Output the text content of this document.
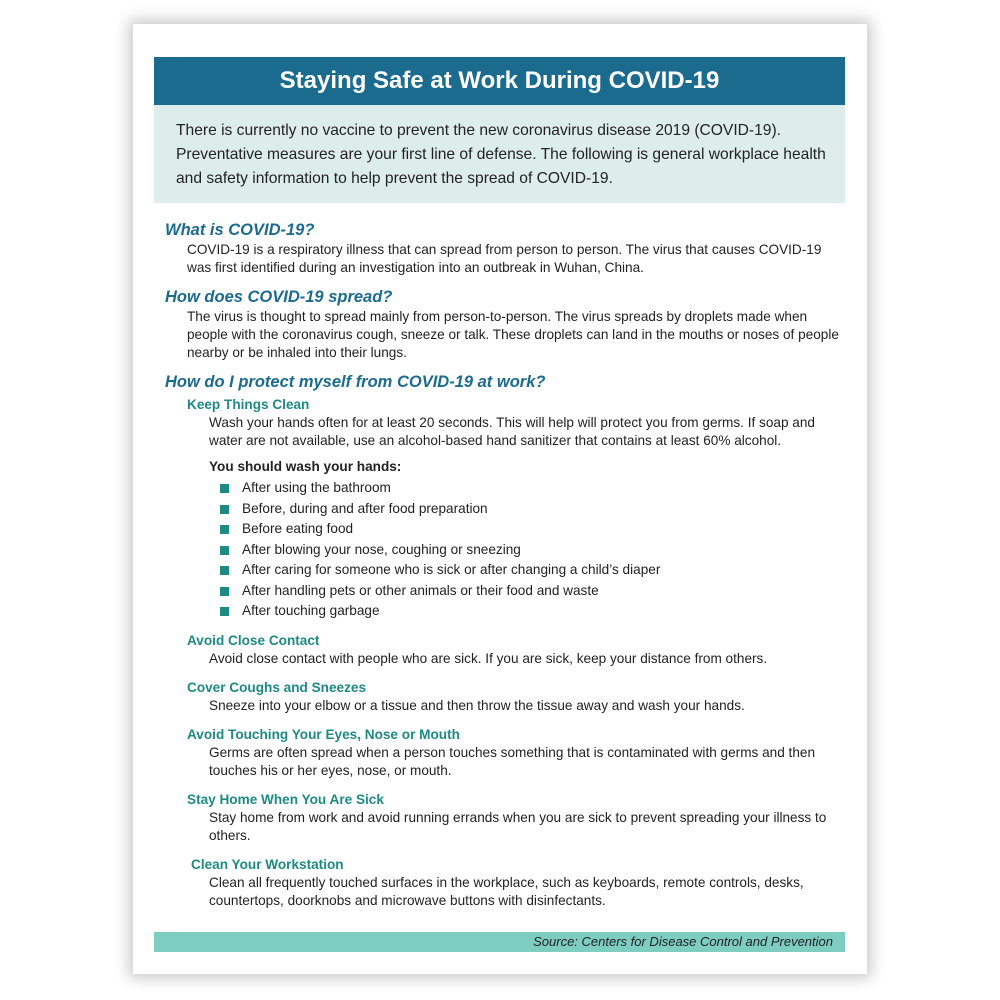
Staying Safe at Work During COVID-19
There is currently no vaccine to prevent the new coronavirus disease 2019 (COVID-19). Preventative measures are your first line of defense. The following is general workplace health and safety information to help prevent the spread of COVID-19.
What is COVID-19?
COVID-19 is a respiratory illness that can spread from person to person. The virus that causes COVID-19 was first identified during an investigation into an outbreak in Wuhan, China.
How does COVID-19 spread?
The virus is thought to spread mainly from person-to-person. The virus spreads by droplets made when people with the coronavirus cough, sneeze or talk. These droplets can land in the mouths or noses of people nearby or be inhaled into their lungs.
How do I protect myself from COVID-19 at work?
Keep Things Clean
Wash your hands often for at least 20 seconds. This will help will protect you from germs. If soap and water are not available, use an alcohol-based hand sanitizer that contains at least 60% alcohol.
You should wash your hands:
After using the bathroom
Before, during and after food preparation
Before eating food
After blowing your nose, coughing or sneezing
After caring for someone who is sick or after changing a child’s diaper
After handling pets or other animals or their food and waste
After touching garbage
Avoid Close Contact
Avoid close contact with people who are sick. If you are sick, keep your distance from others.
Cover Coughs and Sneezes
Sneeze into your elbow or a tissue and then throw the tissue away and wash your hands.
Avoid Touching Your Eyes, Nose or Mouth
Germs are often spread when a person touches something that is contaminated with germs and then touches his or her eyes, nose, or mouth.
Stay Home When You Are Sick
Stay home from work and avoid running errands when you are sick to prevent spreading your illness to others.
Clean Your Workstation
Clean all frequently touched surfaces in the workplace, such as keyboards, remote controls, desks, countertops, doorknobs and microwave buttons with disinfectants.
Source: Centers for Disease Control and Prevention
